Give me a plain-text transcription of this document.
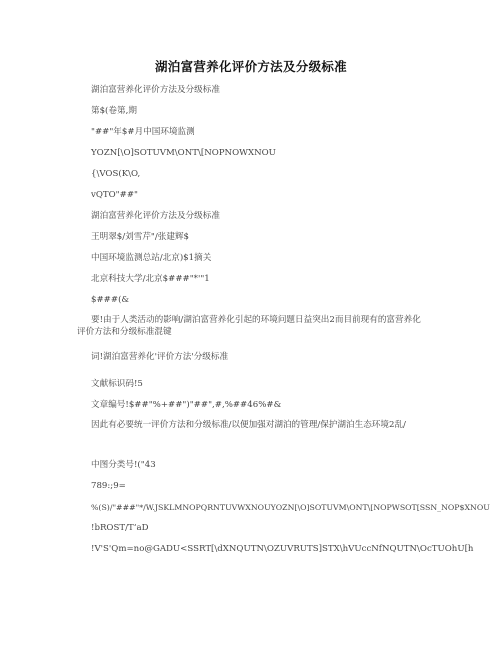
湖泊富营养化评价方法及分级标准
湖泊富营养化评价方法及分级标准
第$(卷第,期
"##"年$#月中国环境监测
YOZN[\O]SOTUVM\ONT\[NOPNOWXNOU
{\VOS(K\O,
vQTO"##"
湖泊富营养化评价方法及分级标准
王明翠$/刘雪芹"/张建辉$
中国环境监测总站/北京)$1摘关
北京科技大学/北京$###"*'"1
$###(&
要!由于人类活动的影响/湖泊富营养化引起的环境问题日益突出2而目前现有的富营养化评价方法和分级标准混键
词!湖泊富营养化'评价方法'分级标准
文献标识码!5
文章编号!$##"%+##")"##",#,%##46%#&
因此有必要统一评价方法和分级标准/以便加强对湖泊的管理/保护湖泊生态环境2乱/
中图分类号!("43
789:;9=
%(S)/"###"*/W.JSKLMNOPQRNTUVWXNOUYOZN[\O]SOTUVM\ONT\[NOPWSOT[SSN_NOP$XNOU
!bROST/T‘aD
!V'S'Qm=no@GADU<SSRT[\dXNQUTN\OZUVRUTS]STX\hVUccNfNQUTN\OcTUOhU[h
